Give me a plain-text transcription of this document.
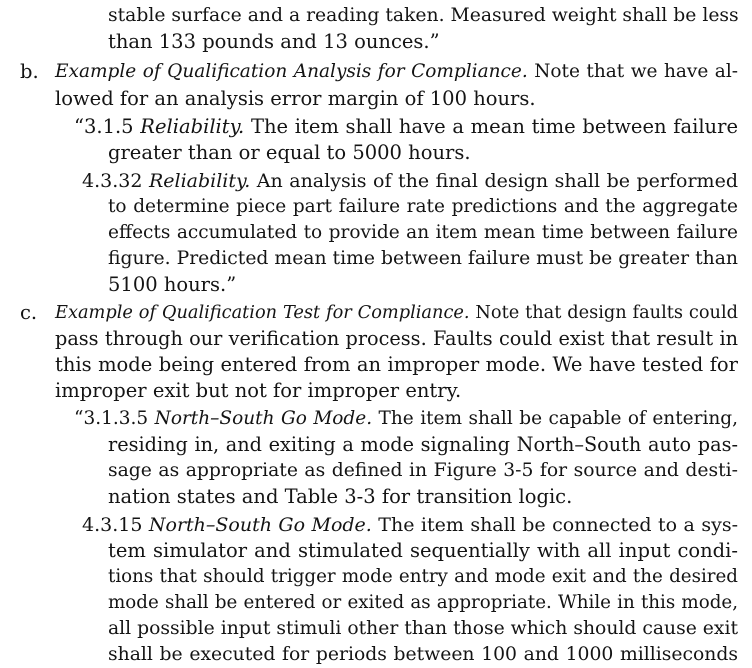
stable surface and a reading taken. Measured weight shall be less
than 133 pounds and 13 ounces.”
b. Example of Qualification Analysis for Compliance. Note that we have al-
lowed for an analysis error margin of 100 hours.
“3.1.5 Reliability. The item shall have a mean time between failure
greater than or equal to 5000 hours.
4.3.32 Reliability. An analysis of the final design shall be performed
to determine piece part failure rate predictions and the aggregate
effects accumulated to provide an item mean time between failure
figure. Predicted mean time between failure must be greater than
5100 hours.”
c. Example of Qualification Test for Compliance. Note that design faults could
pass through our verification process. Faults could exist that result in
this mode being entered from an improper mode. We have tested for
improper exit but not for improper entry.
“3.1.3.5 North–South Go Mode. The item shall be capable of entering,
residing in, and exiting a mode signaling North–South auto pas-
sage as appropriate as defined in Figure 3-5 for source and desti-
nation states and Table 3-3 for transition logic.
4.3.15 North–South Go Mode. The item shall be connected to a sys-
tem simulator and stimulated sequentially with all input condi-
tions that should trigger mode entry and mode exit and the desired
mode shall be entered or exited as appropriate. While in this mode,
all possible input stimuli other than those which should cause exit
shall be executed for periods between 100 and 1000 milliseconds
